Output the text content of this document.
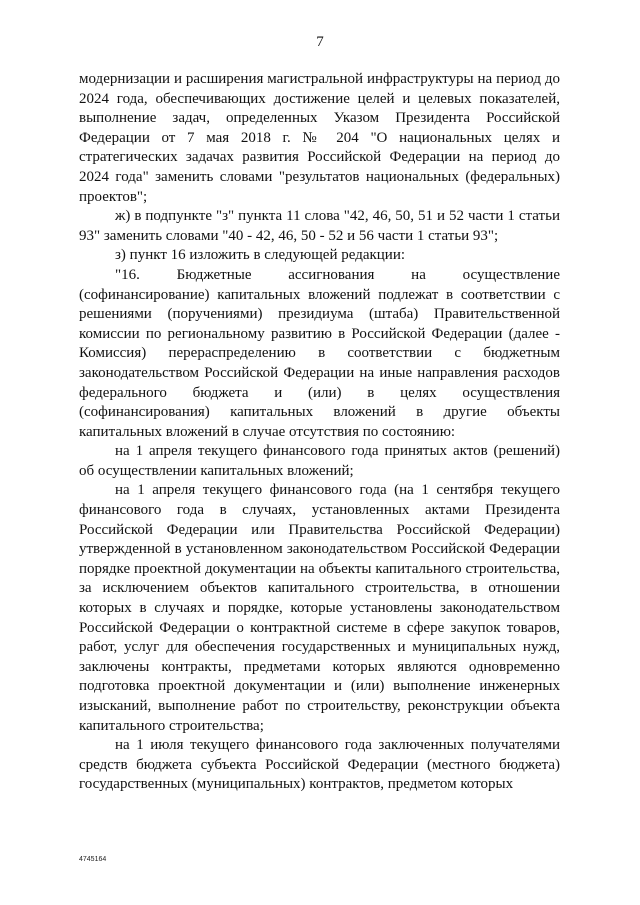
7

модернизации и расширения магистральной инфраструктуры на период до 2024 года, обеспечивающих достижение целей и целевых показателей, выполнение задач, определенных Указом Президента Российской Федерации от 7 мая 2018 г. № 204 "О национальных целях и стратегических задачах развития Российской Федерации на период до 2024 года" заменить словами "результатов национальных (федеральных) проектов";

ж) в подпункте "з" пункта 11 слова "42, 46, 50, 51 и 52 части 1 статьи 93" заменить словами "40 - 42, 46, 50 - 52 и 56 части 1 статьи 93";

з) пункт 16 изложить в следующей редакции:

"16. Бюджетные ассигнования на осуществление (софинансирование) капитальных вложений подлежат в соответствии с решениями (поручениями) президиума (штаба) Правительственной комиссии по региональному развитию в Российской Федерации (далее - Комиссия) перераспределению в соответствии с бюджетным законодательством Российской Федерации на иные направления расходов федерального бюджета и (или) в целях осуществления (софинансирования) капитальных вложений в другие объекты капитальных вложений в случае отсутствия по состоянию:

на 1 апреля текущего финансового года принятых актов (решений) об осуществлении капитальных вложений;

на 1 апреля текущего финансового года (на 1 сентября текущего финансового года в случаях, установленных актами Президента Российской Федерации или Правительства Российской Федерации) утвержденной в установленном законодательством Российской Федерации порядке проектной документации на объекты капитального строительства, за исключением объектов капитального строительства, в отношении которых в случаях и порядке, которые установлены законодательством Российской Федерации о контрактной системе в сфере закупок товаров, работ, услуг для обеспечения государственных и муниципальных нужд, заключены контракты, предметами которых являются одновременно подготовка проектной документации и (или) выполнение инженерных изысканий, выполнение работ по строительству, реконструкции объекта капитального строительства;

на 1 июля текущего финансового года заключенных получателями средств бюджета субъекта Российской Федерации (местного бюджета) государственных (муниципальных) контрактов, предметом которых

4745164
